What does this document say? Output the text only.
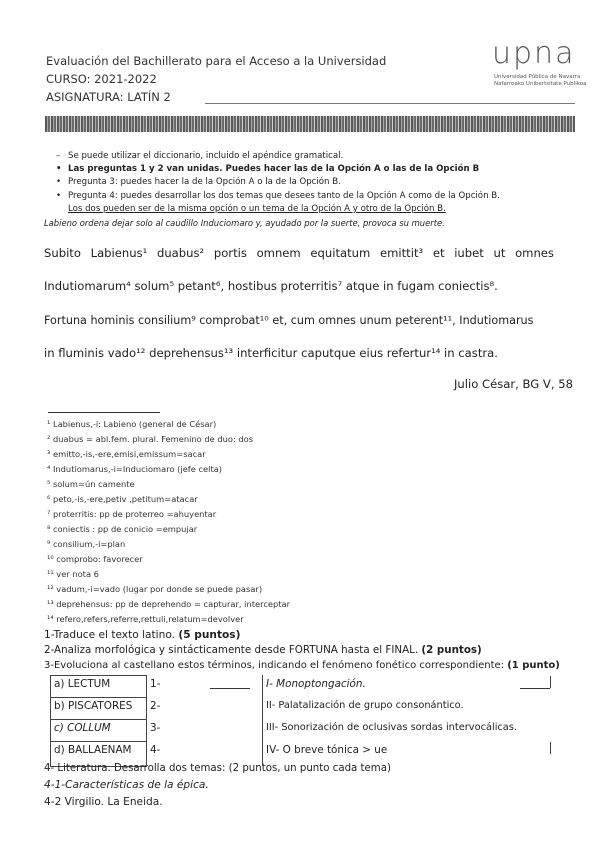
Evaluación del Bachillerato para el Acceso a la Universidad
CURSO: 2021-2022
ASIGNATURA: LATÍN 2
upna
Universidad Pública de Navarra
Nafarroako Unibertsitate Publikoa
– Se puede utilizar el diccionario, incluido el apéndice gramatical.
• Las preguntas 1 y 2 van unidas. Puedes hacer las de la Opción A o las de la Opción B
• Pregunta 3: puedes hacer la de la Opción A o la de la Opción B.
• Pregunta 4: puedes desarrollar los dos temas que desees tanto de la Opción A como de la Opción B.
Los dos pueden ser de la misma opción o un tema de la Opción A y otro de la Opción B.
Labieno ordena dejar solo al caudillo Induciomaro y, ayudado por la suerte, provoca su muerte.
Subito Labienus¹ duabus² portis omnem equitatum emittit³ et iubet ut omnes
Indutiomarum⁴ solum⁵ petant⁶, hostibus proterritis⁷ atque in fugam coniectis⁸.
Fortuna hominis consilium⁹ comprobat¹⁰ et, cum omnes unum peterent¹¹, Indutiomarus
in fluminis vado¹² deprehensus¹³ interficitur caputque eius refertur¹⁴ in castra.
Julio César, BG V, 58
¹ Labienus,-i: Labieno (general de César)
² duabus = abl.fem. plural. Femenino de duo: dos
³ emitto,-is,-ere,emisi,emissum=sacar
⁴ Indutiomarus,-i=Induciomaro (jefe celta)
⁵ solum=ún camente
⁶ peto,-is,-ere,petiv ,petitum=atacar
⁷ proterritis: pp de proterreo =ahuyentar
⁸ coniectis : pp de conicio =empujar
⁹ consilium,-i=plan
¹⁰ comprobo: favorecer
¹¹ ver nota 6
¹² vadum,-i=vado (lugar por donde se puede pasar)
¹³ deprehensus: pp de deprehendo = capturar, interceptar
¹⁴ refero,refers,referre,rettuli,relatum=devolver
1-Traduce el texto latino. (5 puntos)
2-Analiza morfológica y sintácticamente desde FORTUNA hasta el FINAL. (2 puntos)
3-Evoluciona al castellano estos términos, indicando el fenómeno fonético correspondiente: (1 punto)
a) LECTUM	1-	I- Monoptongación.
b) PISCATORES 2-	II- Palatalización de grupo consonántico.
c) COLLUM	3-	III- Sonorización de oclusivas sordas intervocálicas.
d) BALLAENAM 4-	IV- O breve tónica > ue
4- Literatura. Desarrolla dos temas: (2 puntos, un punto cada tema)
4-1-Características de la épica.
4-2 Virgilio. La Eneida.
